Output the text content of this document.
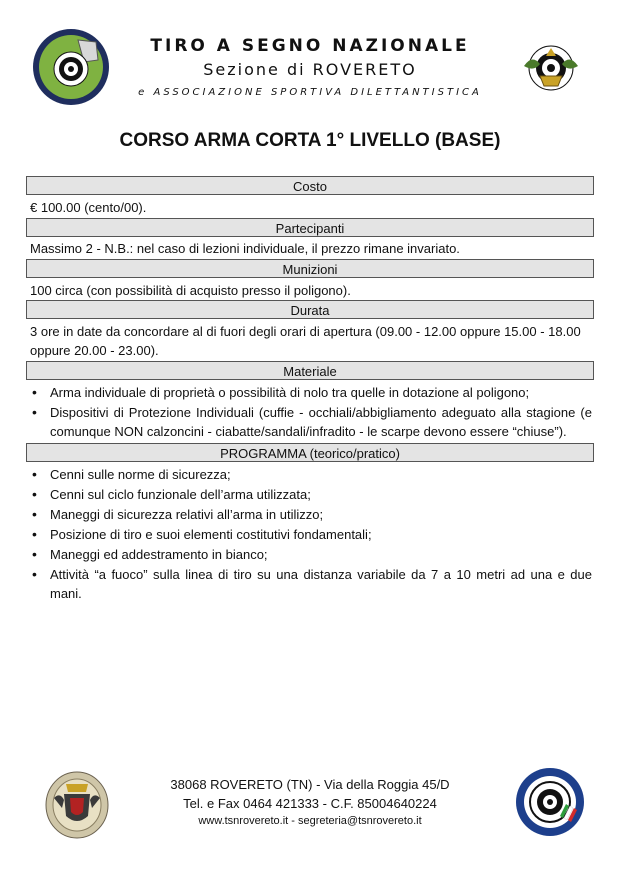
TIRO A SEGNO NAZIONALE
Sezione di ROVERETO
e ASSOCIAZIONE SPORTIVA DILETTANTISTICA
CORSO ARMA CORTA 1° LIVELLO (BASE)
Costo
€ 100.00 (cento/00).
Partecipanti
Massimo 2 - N.B.: nel caso di lezioni individuale, il prezzo rimane invariato.
Munizioni
100 circa (con possibilità di acquisto presso il poligono).
Durata
3 ore in date da concordare al di fuori degli orari di apertura (09.00 - 12.00 oppure 15.00 - 18.00 oppure 20.00 - 23.00).
Materiale
• Arma individuale di proprietà o possibilità di nolo tra quelle in dotazione al poligono;
• Dispositivi di Protezione Individuali (cuffie - occhiali/abbigliamento adeguato alla stagione (e comunque NON calzoncini - ciabatte/sandali/infradito - le scarpe devono essere “chiuse”).
PROGRAMMA (teorico/pratico)
• Cenni sulle norme di sicurezza;
• Cenni sul ciclo funzionale dell’arma utilizzata;
• Maneggi di sicurezza relativi all’arma in utilizzo;
• Posizione di tiro e suoi elementi costitutivi fondamentali;
• Maneggi ed addestramento in bianco;
• Attività “a fuoco” sulla linea di tiro su una distanza variabile da 7 a 10 metri ad una e due mani.
38068 ROVERETO (TN) - Via della Roggia 45/D
Tel. e Fax 0464 421333 - C.F. 85004640224
www.tsnrovereto.it - segreteria@tsnrovereto.it
